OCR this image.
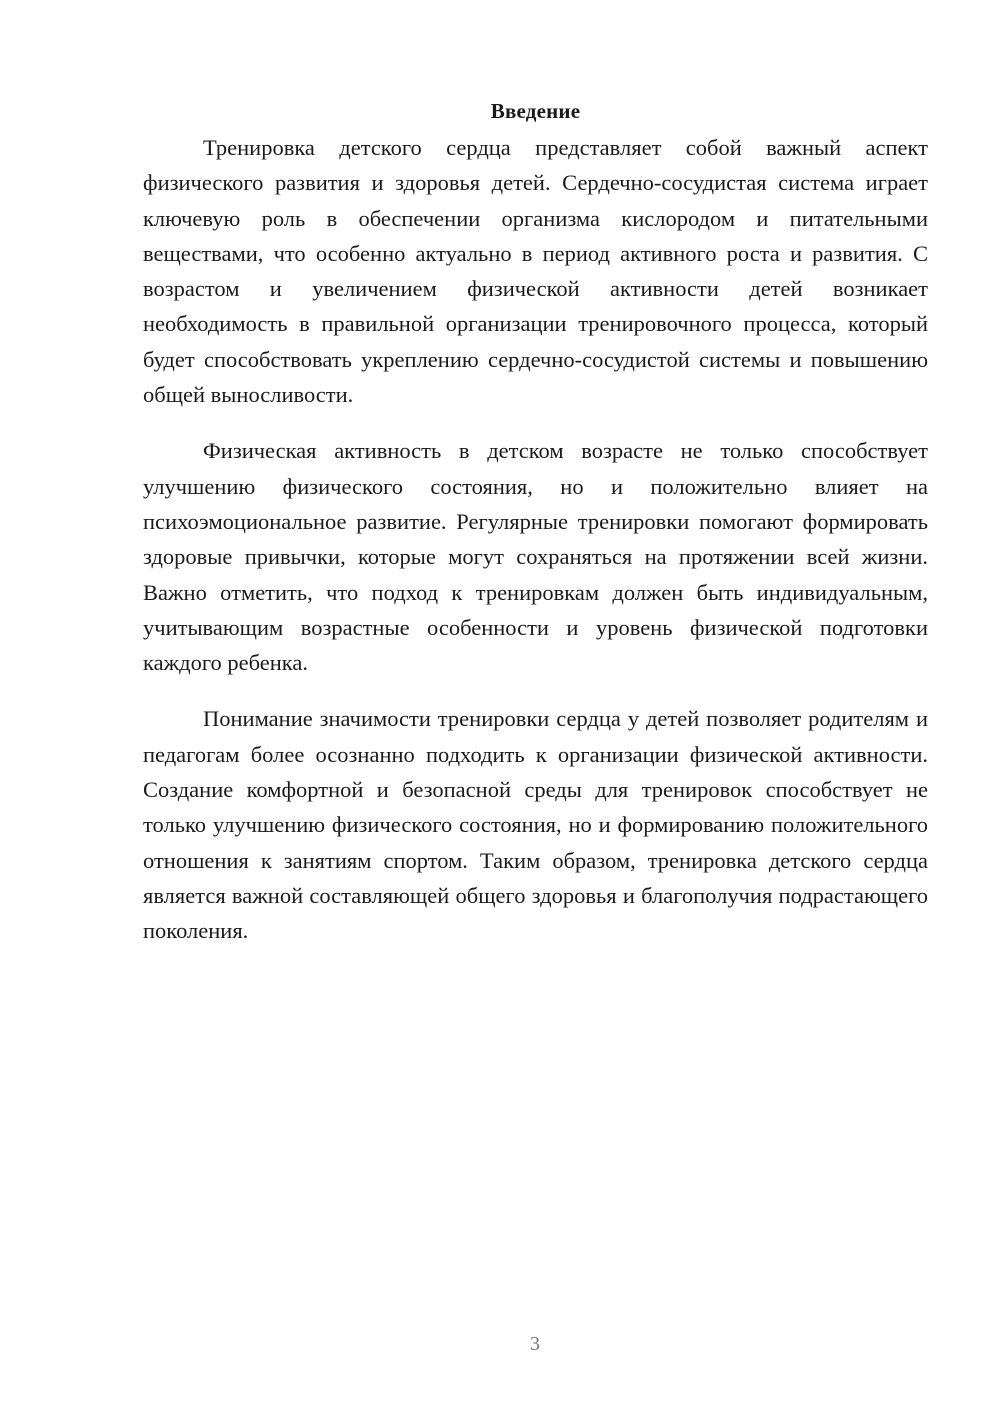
Введение

Тренировка детского сердца представляет собой важный аспект физического развития и здоровья детей. Сердечно-сосудистая система играет ключевую роль в обеспечении организма кислородом и питательными веществами, что особенно актуально в период активного роста и развития. С возрастом и увеличением физической активности детей возникает необходимость в правильной организации тренировочного процесса, который будет способствовать укреплению сердечно-сосудистой системы и повышению общей выносливости.

Физическая активность в детском возрасте не только способствует улучшению физического состояния, но и положительно влияет на психоэмоциональное развитие. Регулярные тренировки помогают формировать здоровые привычки, которые могут сохраняться на протяжении всей жизни. Важно отметить, что подход к тренировкам должен быть индивидуальным, учитывающим возрастные особенности и уровень физической подготовки каждого ребенка.

Понимание значимости тренировки сердца у детей позволяет родителям и педагогам более осознанно подходить к организации физической активности. Создание комфортной и безопасной среды для тренировок способствует не только улучшению физического состояния, но и формированию положительного отношения к занятиям спортом. Таким образом, тренировка детского сердца является важной составляющей общего здоровья и благополучия подрастающего поколения.

3
